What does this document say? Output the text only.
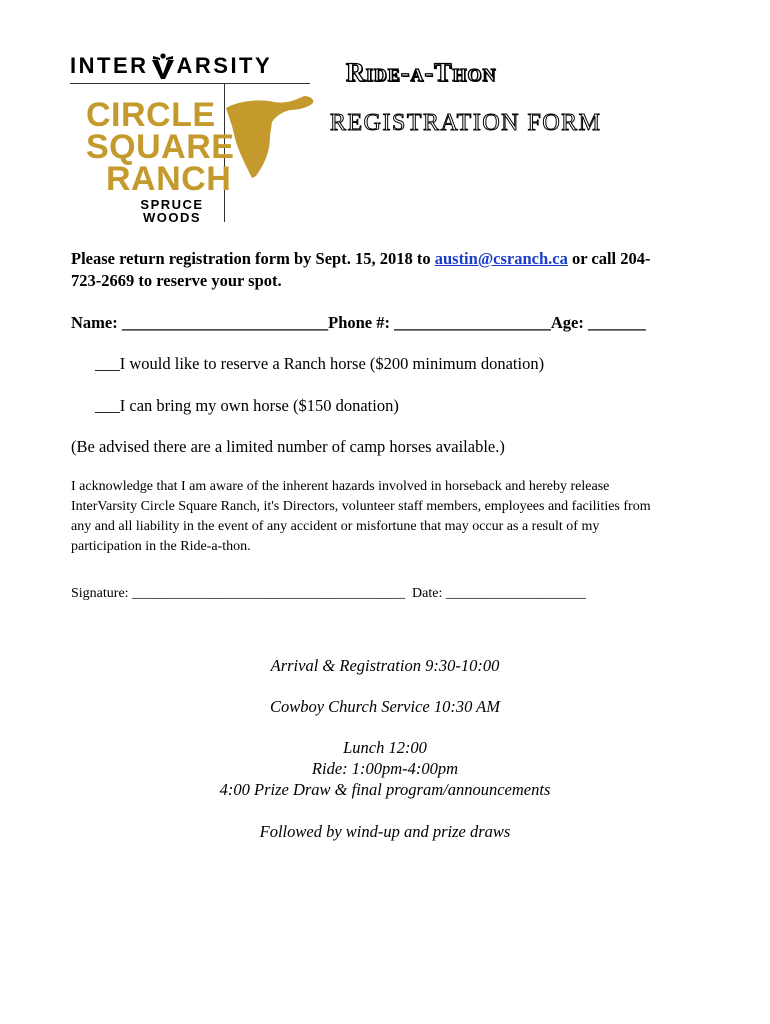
INTER ARSITY
CIRCLE
SQUARE
RANCH
SPRUCE
WOODS
Ride-a-Thon
REGISTRATION FORM
Please return registration form by Sept. 15, 2018 to austin@csranch.ca or call 204-
723-2669 to reserve your spot.
Name: _________________________Phone #: ___________________Age: _______
___I would like to reserve a Ranch horse ($200 minimum donation)
___I can bring my own horse ($150 donation)
(Be advised there are a limited number of camp horses available.)
I acknowledge that I am aware of the inherent hazards involved in horseback and hereby release
InterVarsity Circle Square Ranch, it's Directors, volunteer staff members, employees and facilities from
any and all liability in the event of any accident or misfortune that may occur as a result of my
participation in the Ride-a-thon.
Signature: _______________________________________ Date: ____________________
Arrival & Registration 9:30-10:00
Cowboy Church Service 10:30 AM
Lunch 12:00
Ride: 1:00pm-4:00pm
4:00 Prize Draw & final program/announcements
Followed by wind-up and prize draws
